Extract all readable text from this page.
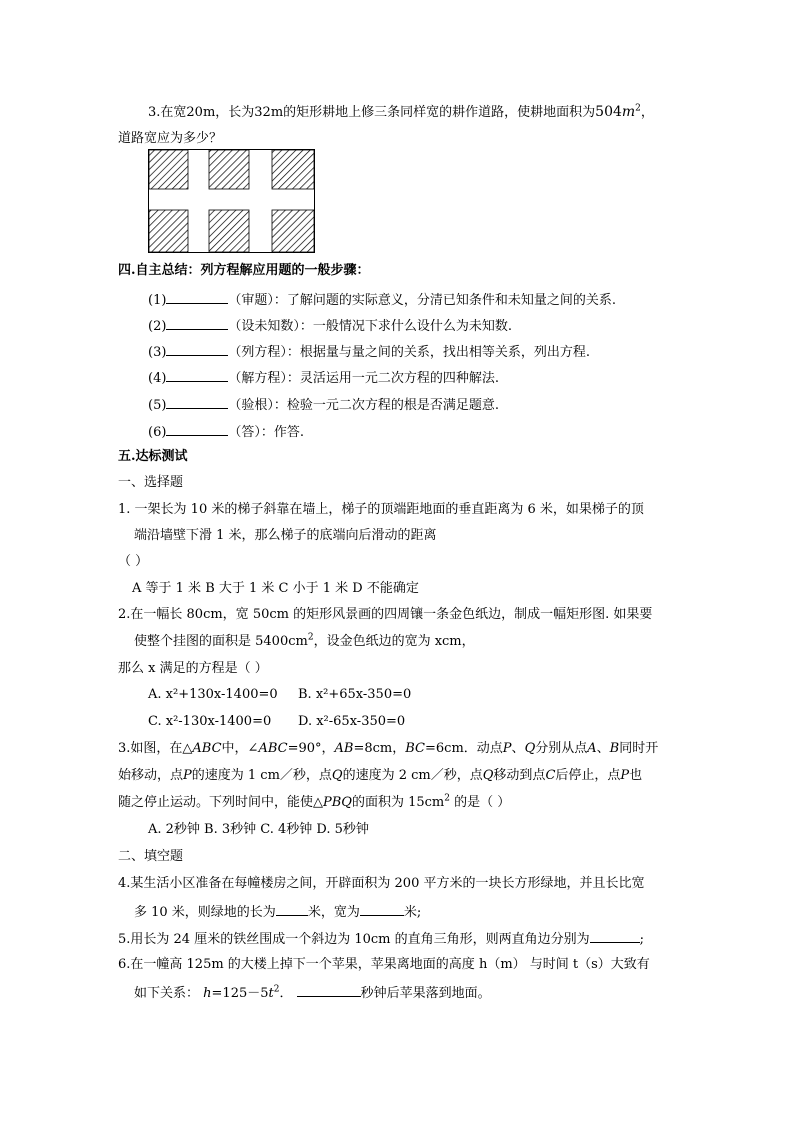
3.在宽20m，长为32m的矩形耕地上修三条同样宽的耕作道路，使耕地面积为$504m^2$，
道路宽应为多少？
四.自主总结：列方程解应用题的一般步骤：
(1)	（审题）：了解问题的实际意义，分清已知条件和未知量之间的关系.
(2)	（设未知数）：一般情况下求什么设什么为未知数.
(3)	（列方程）：根据量与量之间的关系，找出相等关系，列出方程.
(4)	（解方程）：灵活运用一元二次方程的四种解法.
(5)	（验根）：检验一元二次方程的根是否满足题意.
(6)	（答）：作答.
五.达标测试
一、选择题
1. 一架长为 10 米的梯子斜靠在墙上，梯子的顶端距地面的垂直距离为 6 米，如果梯子的顶
端沿墙壁下滑 1 米，那么梯子的底端向后滑动的距离
（ ）
A 等于 1 米 B 大于 1 米 C 小于 1 米 D 不能确定
2.在一幅长 80cm，宽 50cm 的矩形风景画的四周镶一条金色纸边，制成一幅矩形图. 如果要
使整个挂图的面积是 $5400cm^2$，设金色纸边的宽为 xcm，
那么 x 满足的方程是（ ）
A. x²+130x-1400=0 B. x²+65x-350=0
C. x²-130x-1400=0 D. x²-65x-350=0
3.如图，在△ABC中，∠ABC=90°，AB=8cm，BC=6cm．动点P、Q分别从点A、B同时开
始移动，点P的速度为 1 cm／秒，点Q的速度为 2 cm／秒，点Q移动到点C后停止，点P也
随之停止运动。下列时间中，能使△PBQ的面积为 $15cm^2$ 的是（ ）
A. 2秒钟 B. 3秒钟 C. 4秒钟 D. 5秒钟
二、填空题
4.某生活小区准备在每幢楼房之间，开辟面积为 200 平方米的一块长方形绿地，并且长比宽
多 10 米，则绿地的长为 米，宽为	米;
5.用长为 24 厘米的铁丝围成一个斜边为 10cm 的直角三角形，则两直角边分别为	;
6.在一幢高 125m 的大楼上掉下一个苹果，苹果离地面的高度 h（m） 与时间 t（s）大致有
如下关系： $h=125-5t^2$．	秒钟后苹果落到地面。
